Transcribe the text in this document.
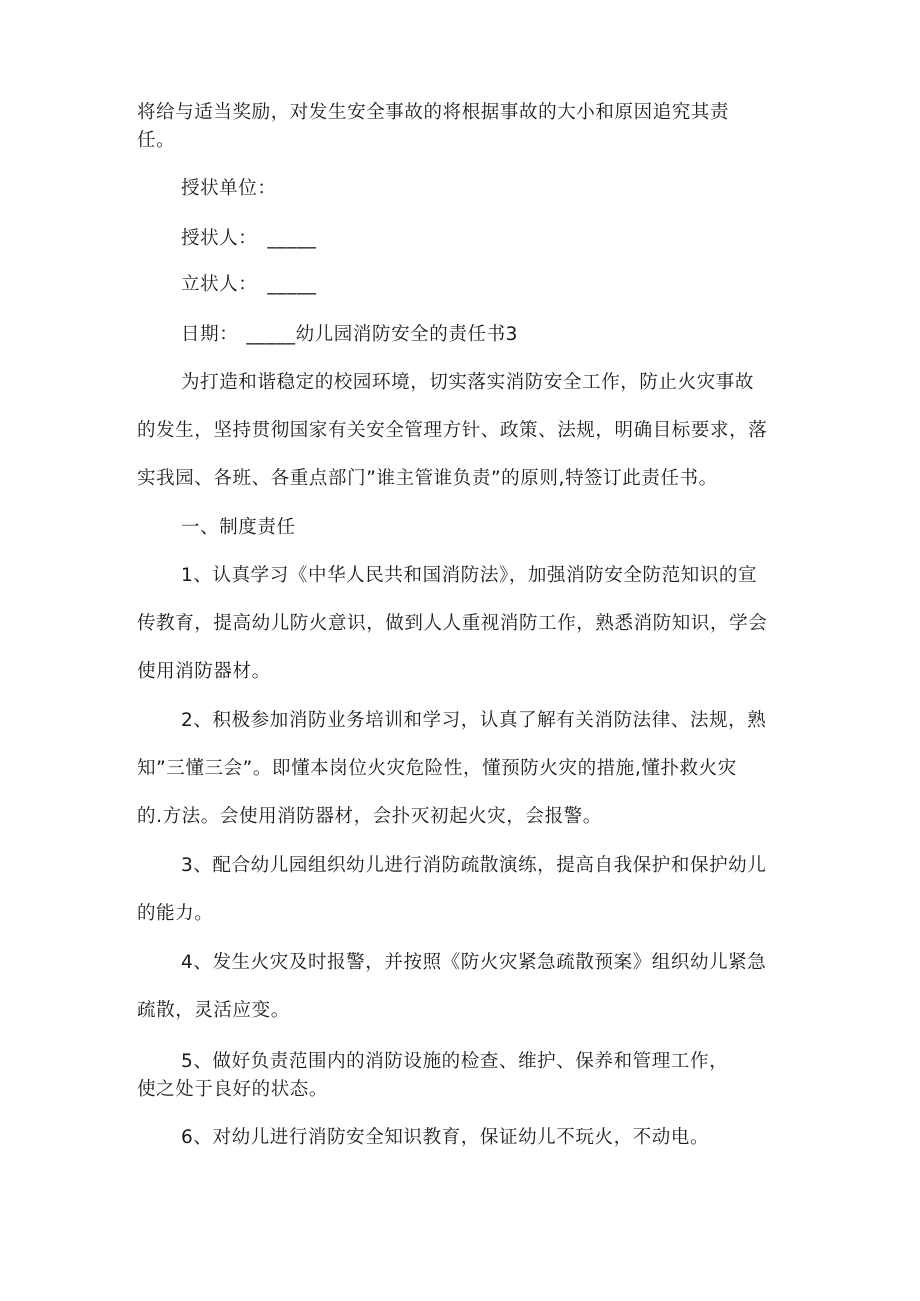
将给与适当奖励，对发生安全事故的将根据事故的大小和原因追究其责
任。
授状单位：
授状人： _____
立状人： _____
日期： _____幼儿园消防安全的责任书3
为打造和谐稳定的校园环境，切实落实消防安全工作，防止火灾事故
的发生，坚持贯彻国家有关安全管理方针、政策、法规，明确目标要求，落
实我园、各班、各重点部门”谁主管谁负责”的原则,特签订此责任书。
一、制度责任
1、认真学习《中华人民共和国消防法》，加强消防安全防范知识的宣
传教育，提高幼儿防火意识，做到人人重视消防工作，熟悉消防知识，学会
使用消防器材。
2、积极参加消防业务培训和学习，认真了解有关消防法律、法规，熟
知”三懂三会”。即懂本岗位火灾危险性，懂预防火灾的措施,懂扑救火灾
的.方法。会使用消防器材，会扑灭初起火灾，会报警。
3、配合幼儿园组织幼儿进行消防疏散演练，提高自我保护和保护幼儿
的能力。
4、发生火灾及时报警，并按照《防火灾紧急疏散预案》组织幼儿紧急
疏散，灵活应变。
5、做好负责范围内的消防设施的检查、维护、保养和管理工作，
使之处于良好的状态。
6、对幼儿进行消防安全知识教育，保证幼儿不玩火，不动电。
